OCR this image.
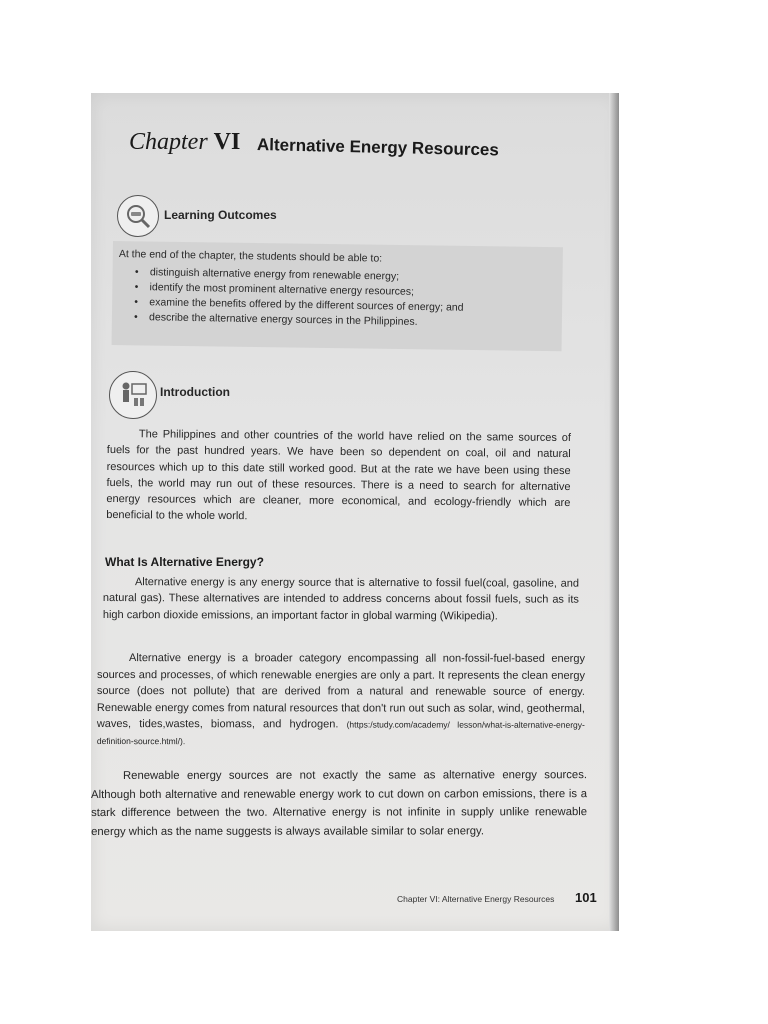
Chapter VI Alternative Energy Resources
Learning Outcomes
At the end of the chapter, the students should be able to:
• distinguish alternative energy from renewable energy;
• identify the most prominent alternative energy resources;
• examine the benefits offered by the different sources of energy; and
• describe the alternative energy sources in the Philippines.
Introduction

The Philippines and other countries of the world have relied on the same sources of fuels for the past hundred years. We have been so dependent on coal, oil and natural resources which up to this date still worked good. But at the rate we have been using these fuels, the world may run out of these resources. There is a need to search for alternative energy resources which are cleaner, more economical, and ecology-friendly which are beneficial to the whole world.

What Is Alternative Energy?

Alternative energy is any energy source that is alternative to fossil fuel(coal, gasoline, and natural gas). These alternatives are intended to address concerns about fossil fuels, such as its high carbon dioxide emissions, an important factor in global warming (Wikipedia).

Alternative energy is a broader category encompassing all non-fossil-fuel-based energy sources and processes, of which renewable energies are only a part. It represents the clean energy source (does not pollute) that are derived from a natural and renewable source of energy. Renewable energy comes from natural resources that don't run out such as solar, wind, geothermal, waves, tides,wastes, biomass, and hydrogen. (https:/study.com/academy/ lesson/what-is-alternative-energy-definition-source.html/).

Renewable energy sources are not exactly the same as alternative energy sources. Although both alternative and renewable energy work to cut down on carbon emissions, there is a stark difference between the two. Alternative energy is not infinite in supply unlike renewable energy which as the name suggests is always available similar to solar energy.

Chapter VI: Alternative Energy Resources 101
